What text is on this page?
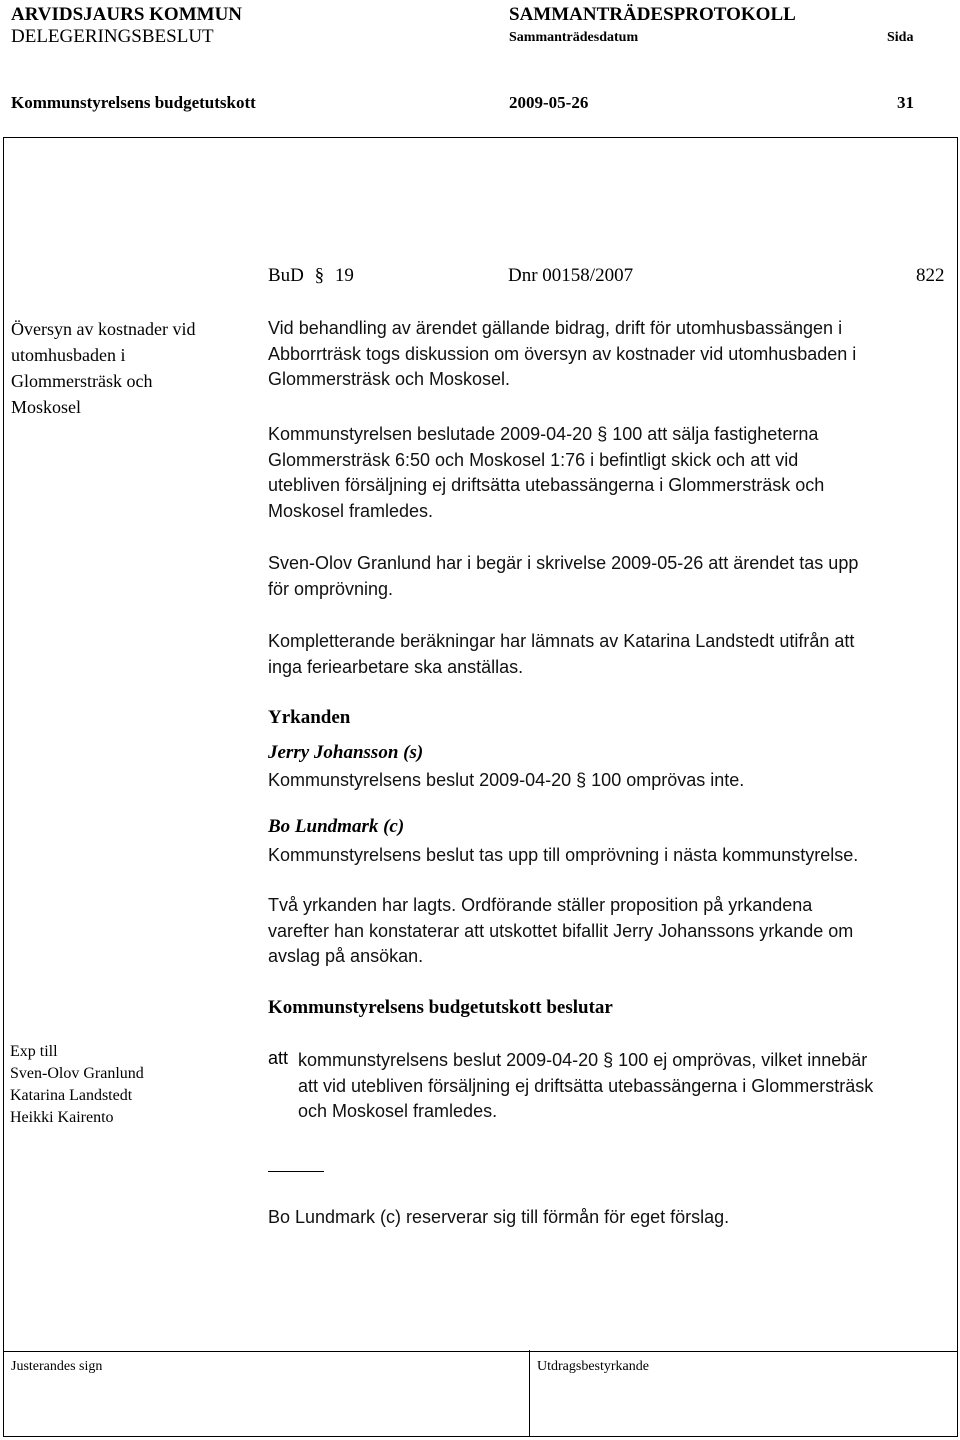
ARVIDSJAURS KOMMUN
DELEGERINGSBESLUT
SAMMANTRÄDESPROTOKOLL
Sammanträdesdatum	Sida
Kommunstyrelsens budgetutskott	2009-05-26	31
BuD § 19	Dnr 00158/2007	822
Översyn av kostnader vid
utomhusbaden i
Glommersträsk och
Moskosel
Vid behandling av ärendet gällande bidrag, drift för utomhusbassängen i
Abborrträsk togs diskussion om översyn av kostnader vid utomhusbaden i
Glommersträsk och Moskosel.
Kommunstyrelsen beslutade 2009-04-20 § 100 att sälja fastigheterna
Glommersträsk 6:50 och Moskosel 1:76 i befintligt skick och att vid
utebliven försäljning ej driftsätta utebassängerna i Glommersträsk och
Moskosel framledes.
Sven-Olov Granlund har i begär i skrivelse 2009-05-26 att ärendet tas upp
för omprövning.
Kompletterande beräkningar har lämnats av Katarina Landstedt utifrån att
inga feriearbetare ska anställas.
Yrkanden
Jerry Johansson (s)
Kommunstyrelsens beslut 2009-04-20 § 100 omprövas inte.
Bo Lundmark (c)
Kommunstyrelsens beslut tas upp till omprövning i nästa kommunstyrelse.
Två yrkanden har lagts. Ordförande ställer proposition på yrkandena
varefter han konstaterar att utskottet bifallit Jerry Johanssons yrkande om
avslag på ansökan.
Kommunstyrelsens budgetutskott beslutar
Exp till
Sven-Olov Granlund
Katarina Landstedt
Heikki Kairento
att kommunstyrelsens beslut 2009-04-20 § 100 ej omprövas, vilket innebär
att vid utebliven försäljning ej driftsätta utebassängerna i Glommersträsk
och Moskosel framledes.
Bo Lundmark (c) reserverar sig till förmån för eget förslag.
Justerandes sign	Utdragsbestyrkande
